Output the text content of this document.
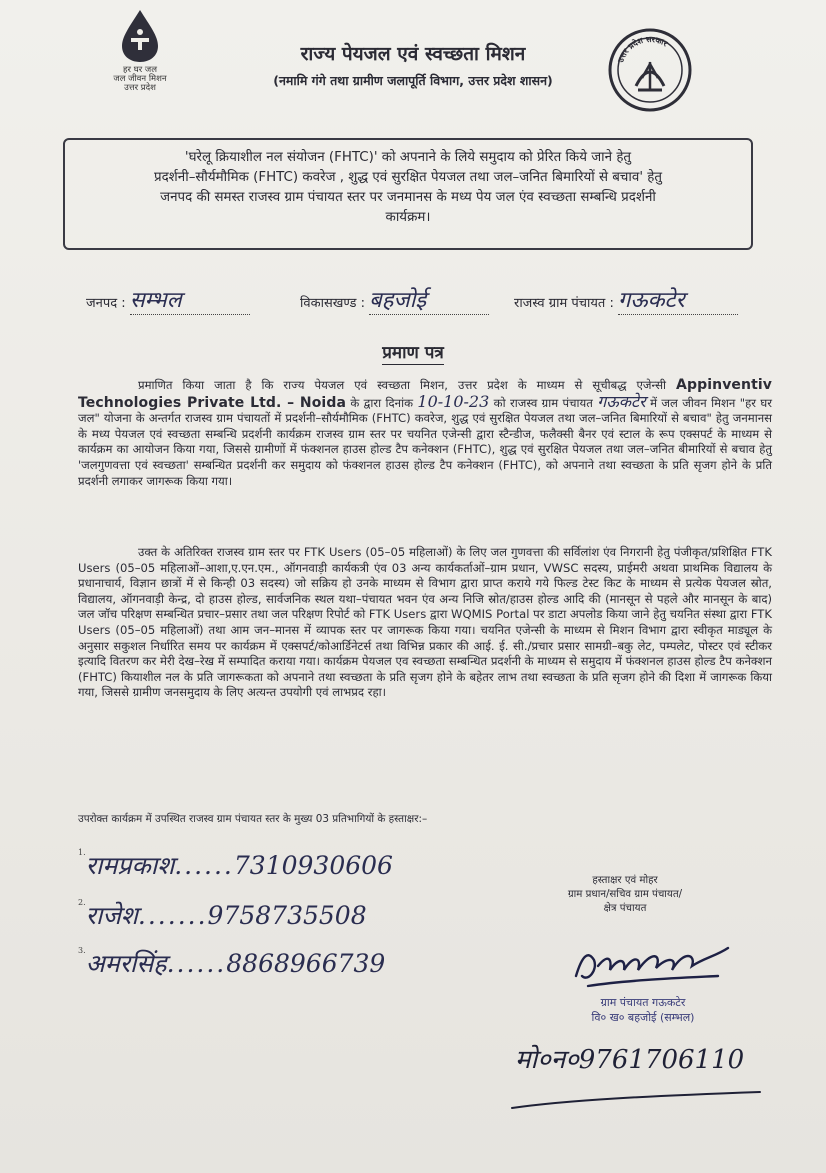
हर घर जल
जल जीवन मिशन
उत्तर प्रदेश
राज्य पेयजल एवं स्वच्छता मिशन
(नमामि गंगे तथा ग्रामीण जलापूर्ति विभाग, उत्तर प्रदेश शासन)
उत्तर प्रदेश सरकार
'घरेलू क्रियाशील नल संयोजन (FHTC)' को अपनाने के लिये समुदाय को प्रेरित किये जाने हेतु
प्रदर्शनी–सौर्यमौमिक (FHTC) कवरेज , शुद्ध एवं सुरक्षित पेयजल तथा जल–जनित बिमारियों से बचाव' हेतु
जनपद की समस्त राजस्व ग्राम पंचायत स्तर पर जनमानस के मध्य पेय जल एंव स्वच्छता सम्बन्धि प्रदर्शनी
कार्यक्रम।
जनपद : सम्भल	विकासखण्ड : बहजोई	राजस्व ग्राम पंचायत : गऊकटेर
प्रमाण पत्र
प्रमाणित किया जाता है कि राज्य पेयजल एवं स्वच्छता मिशन, उत्तर प्रदेश के माध्यम से सूचीबद्ध एजेन्सी Appinventiv Technologies Private Ltd. – Noida के द्वारा दिनांक 10-10-23 को राजस्व ग्राम पंचायत गऊकटेर में जल जीवन मिशन "हर घर जल" योजना के अन्तर्गत राजस्व ग्राम पंचायतों में प्रदर्शनी–सौर्यमौमिक (FHTC) कवरेज, शुद्ध एवं सुरक्षित पेयजल तथा जल–जनित बिमारियों से बचाव" हेतु जनमानस के मध्य पेयजल एवं स्वच्छता सम्बन्धि प्रदर्शनी कार्यक्रम राजस्व ग्राम स्तर पर चयनित एजेन्सी द्वारा स्टैन्डीज, फलैक्सी बैनर एवं स्टाल के रूप एक्सपर्ट के माध्यम से कार्यक्रम का आयोजन किया गया, जिससे ग्रामीणों में फंक्शनल हाउस होल्ड टैप कनेक्शन (FHTC), शुद्ध एवं सुरक्षित पेयजल तथा जल–जनित बीमारियों से बचाव हेतु 'जलगुणवत्ता एवं स्वच्छता' सम्बन्धित प्रदर्शनी कर समुदाय को फंक्शनल हाउस होल्ड टैप कनेक्शन (FHTC), को अपनाने तथा स्वच्छता के प्रति सृजग होने के प्रति प्रदर्शनी लगाकर जागरूक किया गया।
उक्त के अतिरिक्त राजस्व ग्राम स्तर पर FTK Users (05–05 महिलाओं) के लिए जल गुणवत्ता की सर्विलांश एंव निगरानी हेतु पंजीकृत/प्रशिक्षित FTK Users (05–05 महिलाओं–आशा,ए.एन.एम., ऑगनवाड़ी कार्यकत्री एंव 03 अन्य कार्यकर्ताओं–ग्राम प्रधान, VWSC सदस्य, प्राईमरी अथवा प्राथमिक विद्यालय के प्रधानाचार्य, विज्ञान छात्रों में से किन्ही 03 सदस्य) जो सक्रिय हो उनके माध्यम से विभाग द्वारा प्राप्त कराये गये फिल्ड टेस्ट किट के माध्यम से प्रत्येक पेयजल स्रोत, विद्यालय, ऑगनवाड़ी केन्द्र, दो हाउस होल्ड, सार्वजनिक स्थल यथा–पंचायत भवन एंव अन्य निजि स्रोत/हाउस होल्ड आदि की (मानसून से पहले और मानसून के बाद) जल जॉच परिक्षण सम्बन्धित प्रचार–प्रसार तथा जल परिक्षण रिपोर्ट को FTK Users द्वारा WQMIS Portal पर डाटा अपलोड किया जाने हेतु चयनित संस्था द्वारा FTK Users (05–05 महिलाओं) तथा आम जन–मानस में व्यापक स्तर पर जागरूक किया गया। चयनित एजेन्सी के माध्यम से मिशन विभाग द्वारा स्वीकृत माड्यूल के अनुसार सकुशल निर्धारित समय पर कार्यक्रम में एक्सपर्ट/कोआर्डिनेटर्स तथा विभिन्न प्रकार की आई. ई. सी./प्रचार प्रसार सामग्री–बकु लेट, पम्पलेट, पोस्टर एवं स्टीकर इत्यादि वितरण कर मेरी देख–रेख में सम्पादित कराया गया। कार्यक्रम पेयजल एव स्वच्छता सम्बन्धित प्रदर्शनी के माध्यम से समुदाय में फंक्शनल हाउस होल्ड टैप कनेक्शन (FHTC) कियाशील नल के प्रति जागरूकता को अपनाने तथा स्वच्छता के प्रति सृजग होने के बहेतर लाभ तथा स्वच्छता के प्रति सृजग होने की दिशा में जागरूक किया गया, जिससे ग्रामीण जनसमुदाय के लिए अत्यन्त उपयोगी एवं लाभप्रद रहा।
उपरोक्त कार्यक्रम में उपस्थित राजस्व ग्राम पंचायत स्तर के मुख्य 03 प्रतिभागियों के हस्ताक्षर:–
$^{1.}$रामप्रकाश......7310930606
$^{2.}$राजेश.......9758735508
$^{3.}$अमरसिंह......8868966739
हस्ताक्षर एवं मोहर
ग्राम प्रधान/सचिव ग्राम पंचायत/
क्षेत्र पंचायत
ग्राम पंचायत गऊकटेर
वि० ख० बहजोई (सम्भल)
मो०न०9761706110
